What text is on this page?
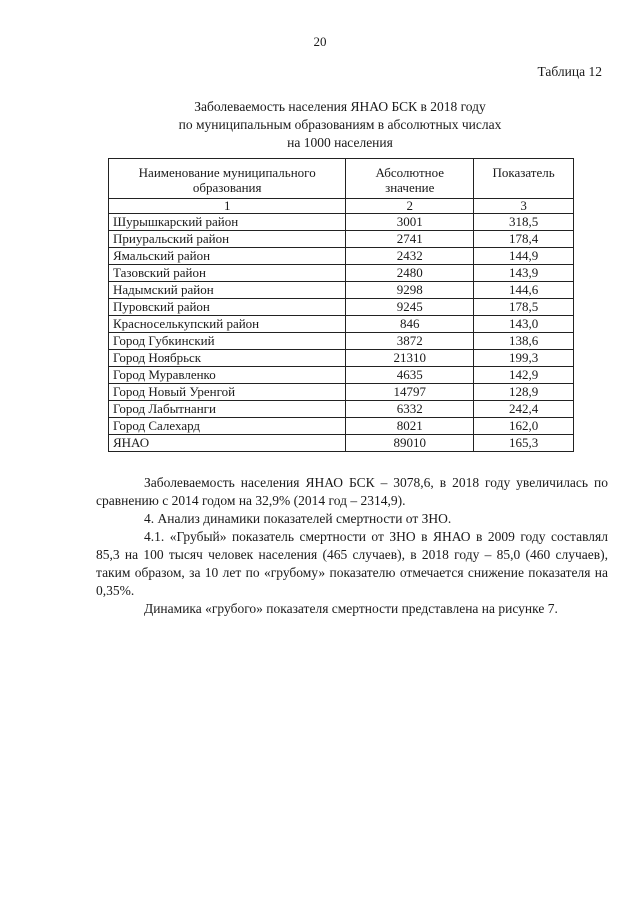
20
Таблица 12
Заболеваемость населения ЯНАО БСК в 2018 году
по муниципальным образованиям в абсолютных числах
на 1000 населения
Наименование муниципального образования	Абсолютное значение	Показатель
1	2	3
Шурышкарский район	3001	318,5
Приуральский район	2741	178,4
Ямальский район	2432	144,9
Тазовский район	2480	143,9
Надымский район	9298	144,6
Пуровский район	9245	178,5
Красноселькупский район	846	143,0
Город Губкинский	3872	138,6
Город Ноябрьск	21310	199,3
Город Муравленко	4635	142,9
Город Новый Уренгой	14797	128,9
Город Лабытнанги	6332	242,4
Город Салехард	8021	162,0
ЯНАО	89010	165,3

Заболеваемость населения ЯНАО БСК – 3078,6, в 2018 году увеличилась по сравнению с 2014 годом на 32,9% (2014 год – 2314,9).

4. Анализ динамики показателей смертности от ЗНО.

4.1. «Грубый» показатель смертности от ЗНО в ЯНАО в 2009 году составлял 85,3 на 100 тысяч человек населения (465 случаев), в 2018 году – 85,0 (460 случаев), таким образом, за 10 лет по «грубому» показателю отмечается снижение показателя на 0,35%.

Динамика «грубого» показателя смертности представлена на рисунке 7.
